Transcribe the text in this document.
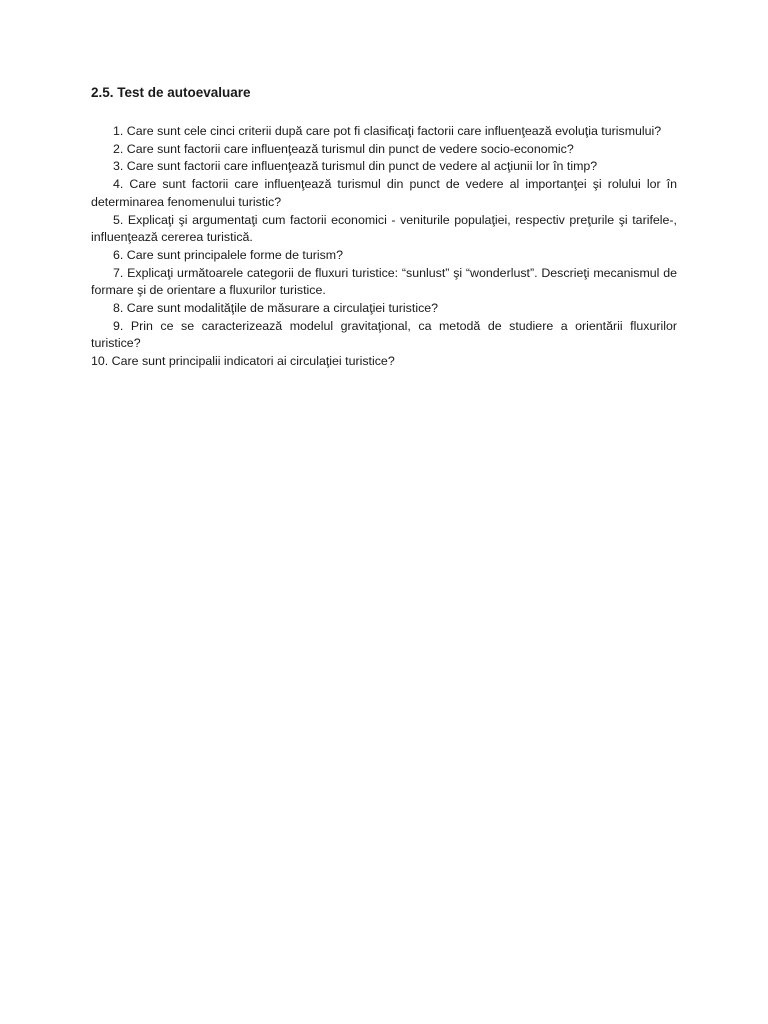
2.5. Test de autoevaluare
1. Care sunt cele cinci criterii după care pot fi clasificaţi factorii care influenţează evoluţia turismului?
2. Care sunt factorii care influenţează turismul din punct de vedere socio-economic?
3. Care sunt factorii care influenţează turismul din punct de vedere al acţiunii lor în timp?
4. Care sunt factorii care influenţează turismul din punct de vedere al importanţei şi rolului lor în determinarea fenomenului turistic?
5. Explicaţi şi argumentaţi cum factorii economici - veniturile populaţiei, respectiv preţurile şi tarifele-, influenţează cererea turistică.
6. Care sunt principalele forme de turism?
7. Explicaţi următoarele categorii de fluxuri turistice: “sunlust” şi “wonderlust”. Descrieţi mecanismul de formare şi de orientare a fluxurilor turistice.
8. Care sunt modalităţile de măsurare a circulaţiei turistice?
9. Prin ce se caracterizează modelul gravitaţional, ca metodă de studiere a orientării fluxurilor turistice?
10. Care sunt principalii indicatori ai circulaţiei turistice?
